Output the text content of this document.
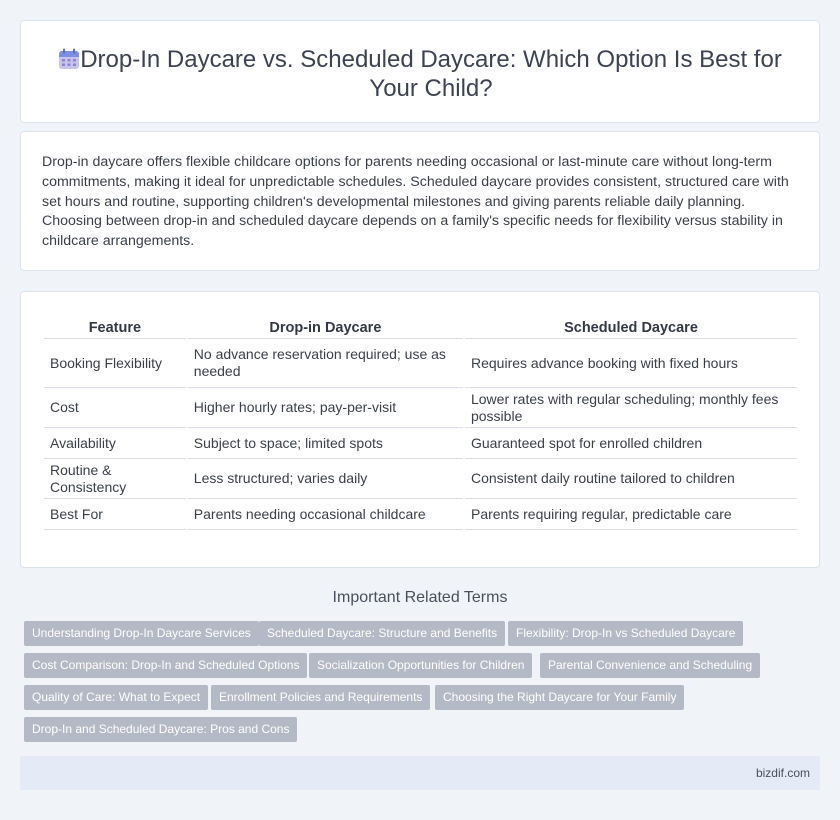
Drop-In Daycare vs. Scheduled Daycare: Which Option Is Best for Your Child?

Drop-in daycare offers flexible childcare options for parents needing occasional or last-minute care without long-term commitments, making it ideal for unpredictable schedules. Scheduled daycare provides consistent, structured care with set hours and routine, supporting children's developmental milestones and giving parents reliable daily planning. Choosing between drop-in and scheduled daycare depends on a family's specific needs for flexibility versus stability in childcare arrangements.

Feature	Drop-in Daycare	Scheduled Daycare
Booking Flexibility	No advance reservation required; use as needed	Requires advance booking with fixed hours
Cost	Higher hourly rates; pay-per-visit	Lower rates with regular scheduling; monthly fees possible
Availability	Subject to space; limited spots	Guaranteed spot for enrolled children
Routine & Consistency	Less structured; varies daily	Consistent daily routine tailored to children
Best For	Parents needing occasional childcare	Parents requiring regular, predictable care
Important Related Terms
Understanding Drop-In Daycare Services	Scheduled Daycare: Structure and Benefits	Flexibility: Drop-In vs Scheduled Daycare
Cost Comparison: Drop-In and Scheduled Options	Socialization Opportunities for Children	Parental Convenience and Scheduling
Quality of Care: What to Expect	Enrollment Policies and Requirements	Choosing the Right Daycare for Your Family
Drop-In and Scheduled Daycare: Pros and Cons
bizdif.com
